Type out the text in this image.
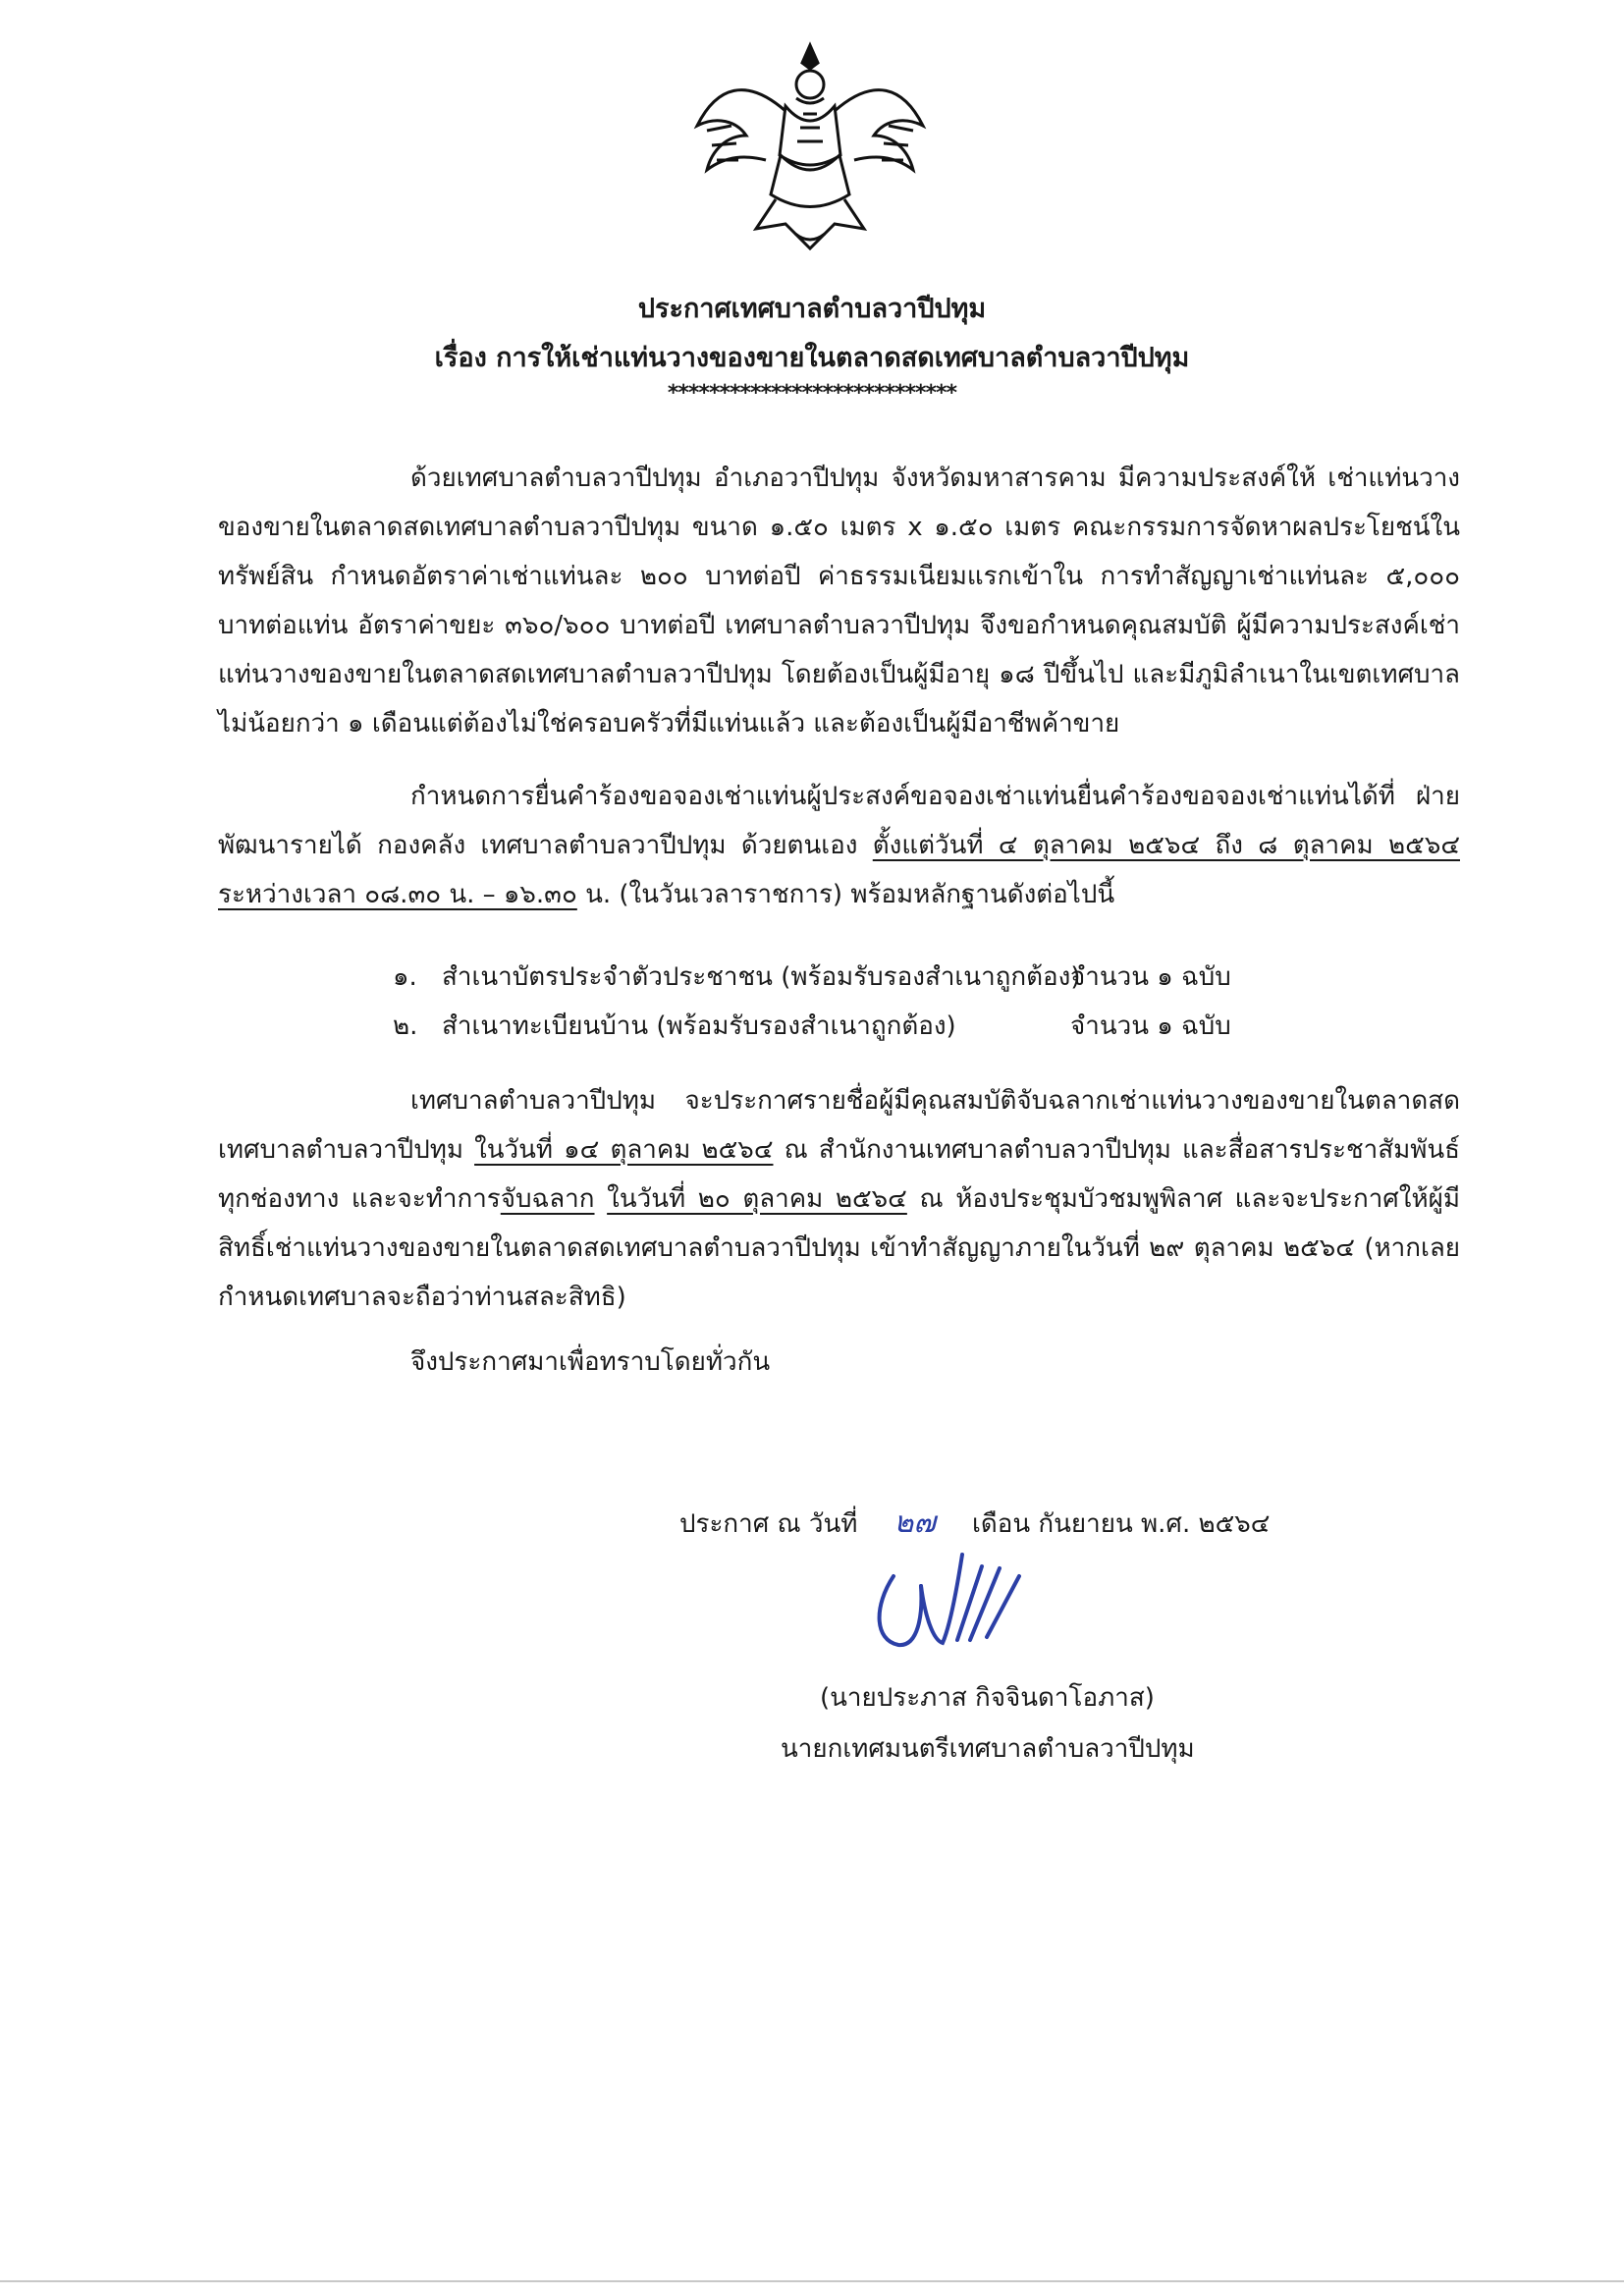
ประกาศเทศบาลตำบลวาปีปทุม
เรื่อง การให้เช่าแท่นวางของขายในตลาดสดเทศบาลตำบลวาปีปทุม
****************************

ด้วยเทศบาลตำบลวาปีปทุม อำเภอวาปีปทุม จังหวัดมหาสารคาม มีความประสงค์ให้ เช่าแท่นวางของขายในตลาดสดเทศบาลตำบลวาปีปทุม ขนาด ๑.๕๐ เมตร x ๑.๕๐ เมตร คณะกรรมการจัดหาผลประโยชน์ในทรัพย์สิน กำหนดอัตราค่าเช่าแท่นละ ๒๐๐ บาทต่อปี ค่าธรรมเนียมแรกเข้าใน การทำสัญญาเช่าแท่นละ ๕,๐๐๐ บาทต่อแท่น อัตราค่าขยะ ๓๖๐/๖๐๐ บาทต่อปี เทศบาลตำบลวาปีปทุม จึงขอกำหนดคุณสมบัติ ผู้มีความประสงค์เช่าแท่นวางของขายในตลาดสดเทศบาลตำบลวาปีปทุม โดยต้องเป็นผู้มีอายุ ๑๘ ปีขึ้นไป และมีภูมิลำเนาในเขตเทศบาลไม่น้อยกว่า ๑ เดือนแต่ต้องไม่ใช่ครอบครัวที่มีแท่นแล้ว และต้องเป็นผู้มีอาชีพค้าขาย

กำหนดการยื่นคำร้องขอจองเช่าแท่นผู้ประสงค์ขอจองเช่าแท่นยื่นคำร้องขอจองเช่าแท่นได้ที่ ฝ่ายพัฒนารายได้ กองคลัง เทศบาลตำบลวาปีปทุม ด้วยตนเอง ตั้งแต่วันที่ ๔ ตุลาคม ๒๕๖๔ ถึง ๘ ตุลาคม ๒๕๖๔ ระหว่างเวลา ๐๘.๓๐ น. – ๑๖.๓๐ น. (ในวันเวลาราชการ) พร้อมหลักฐานดังต่อไปนี้

๑. สำเนาบัตรประจำตัวประชาชน (พร้อมรับรองสำเนาถูกต้อง)จำนวน ๑ ฉบับ
๒. สำเนาทะเบียนบ้าน (พร้อมรับรองสำเนาถูกต้อง)	จำนวน ๑ ฉบับ

เทศบาลตำบลวาปีปทุม จะประกาศรายชื่อผู้มีคุณสมบัติจับฉลากเช่าแท่นวางของขายในตลาดสดเทศบาลตำบลวาปีปทุม ในวันที่ ๑๔ ตุลาคม ๒๕๖๔ ณ สำนักงานเทศบาลตำบลวาปีปทุม และสื่อสารประชาสัมพันธ์ทุกช่องทาง และจะทำการจับฉลาก ในวันที่ ๒๐ ตุลาคม ๒๕๖๔ ณ ห้องประชุมบัวชมพูพิลาศ และจะประกาศให้ผู้มีสิทธิ์เช่าแท่นวางของขายในตลาดสดเทศบาลตำบลวาปีปทุม เข้าทำสัญญาภายในวันที่ ๒๙ ตุลาคม ๒๕๖๔ (หากเลยกำหนดเทศบาลจะถือว่าท่านสละสิทธิ)

จึงประกาศมาเพื่อทราบโดยทั่วกัน

ประกาศ ณ วันที่ ๒๗ เดือน กันยายน พ.ศ. ๒๕๖๔
(นายประภาส กิจจินดาโอภาส)
นายกเทศมนตรีเทศบาลตำบลวาปีปทุม
